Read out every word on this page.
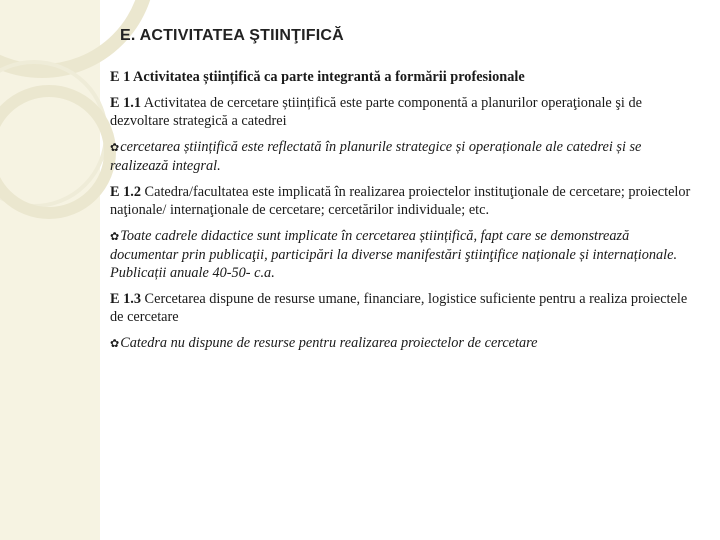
E. ACTIVITATEA ŞTIINŢIFICĂ

E 1 Activitatea științifică ca parte integrantă a formării profesionale

E 1.1 Activitatea de cercetare științifică este parte componentă a planurilor operaţionale şi de dezvoltare strategică a catedrei

✿cercetarea științifică este reflectată în planurile strategice și operaționale ale catedrei și se realizează integral.

E 1.2 Catedra/facultatea este implicată în realizarea proiectelor instituţionale de cercetare; proiectelor naţionale/ internaţionale de cercetare; cercetărilor individuale; etc.

✿Toate cadrele didactice sunt implicate în cercetarea științifică, fapt care se demonstrează documentar prin publicaţii, participări la diverse manifestări ştiinţifice naționale și internaționale. Publicații anuale 40-50- c.a.

E 1.3 Cercetarea dispune de resurse umane, financiare, logistice suficiente pentru a realiza proiectele de cercetare

✿Catedra nu dispune de resurse pentru realizarea proiectelor de cercetare
